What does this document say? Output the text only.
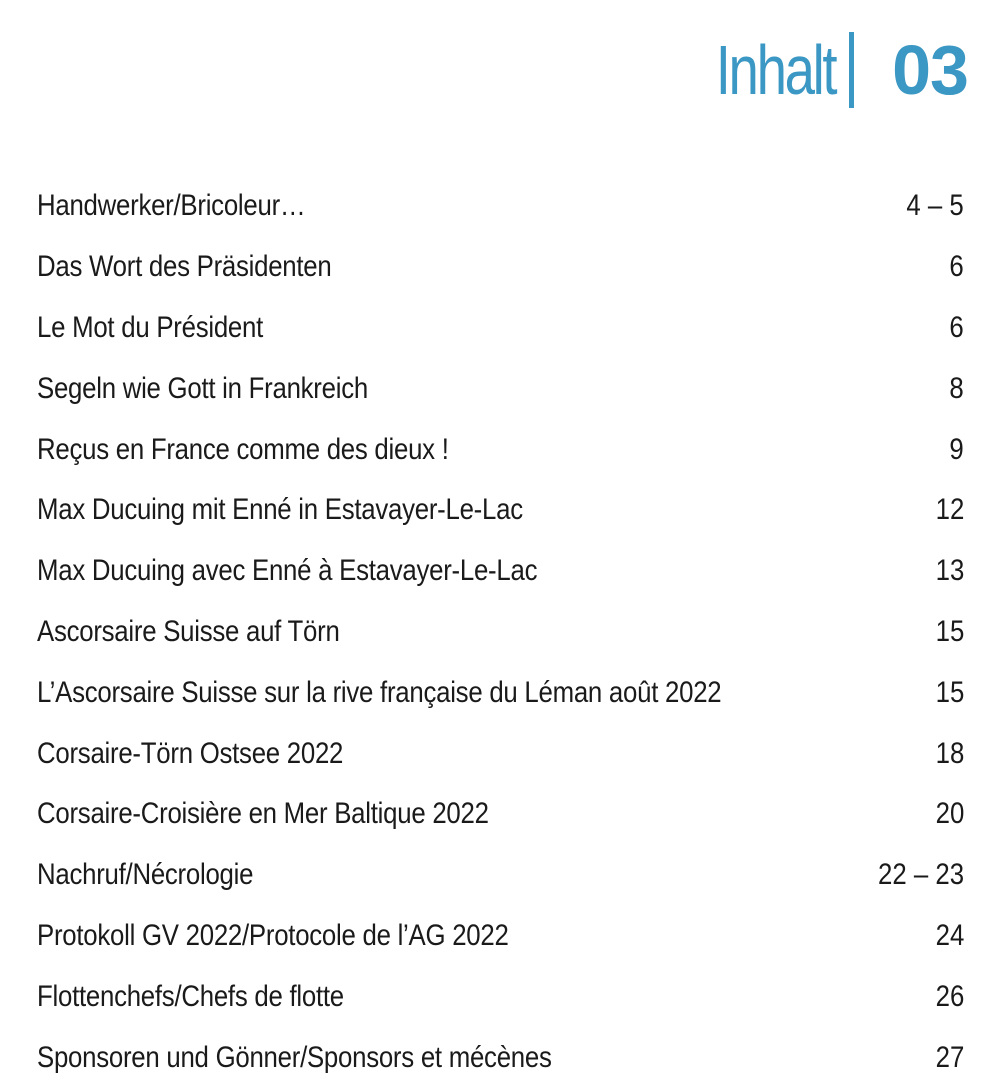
Inhalt 03
Handwerker/Bricoleur…	4 – 5
Das Wort des Präsidenten	6
Le Mot du Président	6
Segeln wie Gott in Frankreich	8
Reçus en France comme des dieux !	9
Max Ducuing mit Enné in Estavayer-Le-Lac	12
Max Ducuing avec Enné à Estavayer-Le-Lac	13
Ascorsaire Suisse auf Törn	15
L’Ascorsaire Suisse sur la rive française du Léman août 2022	15
Corsaire-Törn Ostsee 2022	18
Corsaire-Croisière en Mer Baltique 2022	20
Nachruf/Nécrologie	22 – 23
Protokoll GV 2022/Protocole de l’AG 2022	24
Flottenchefs/Chefs de flotte	26
Sponsoren und Gönner/Sponsors et mécènes	27
